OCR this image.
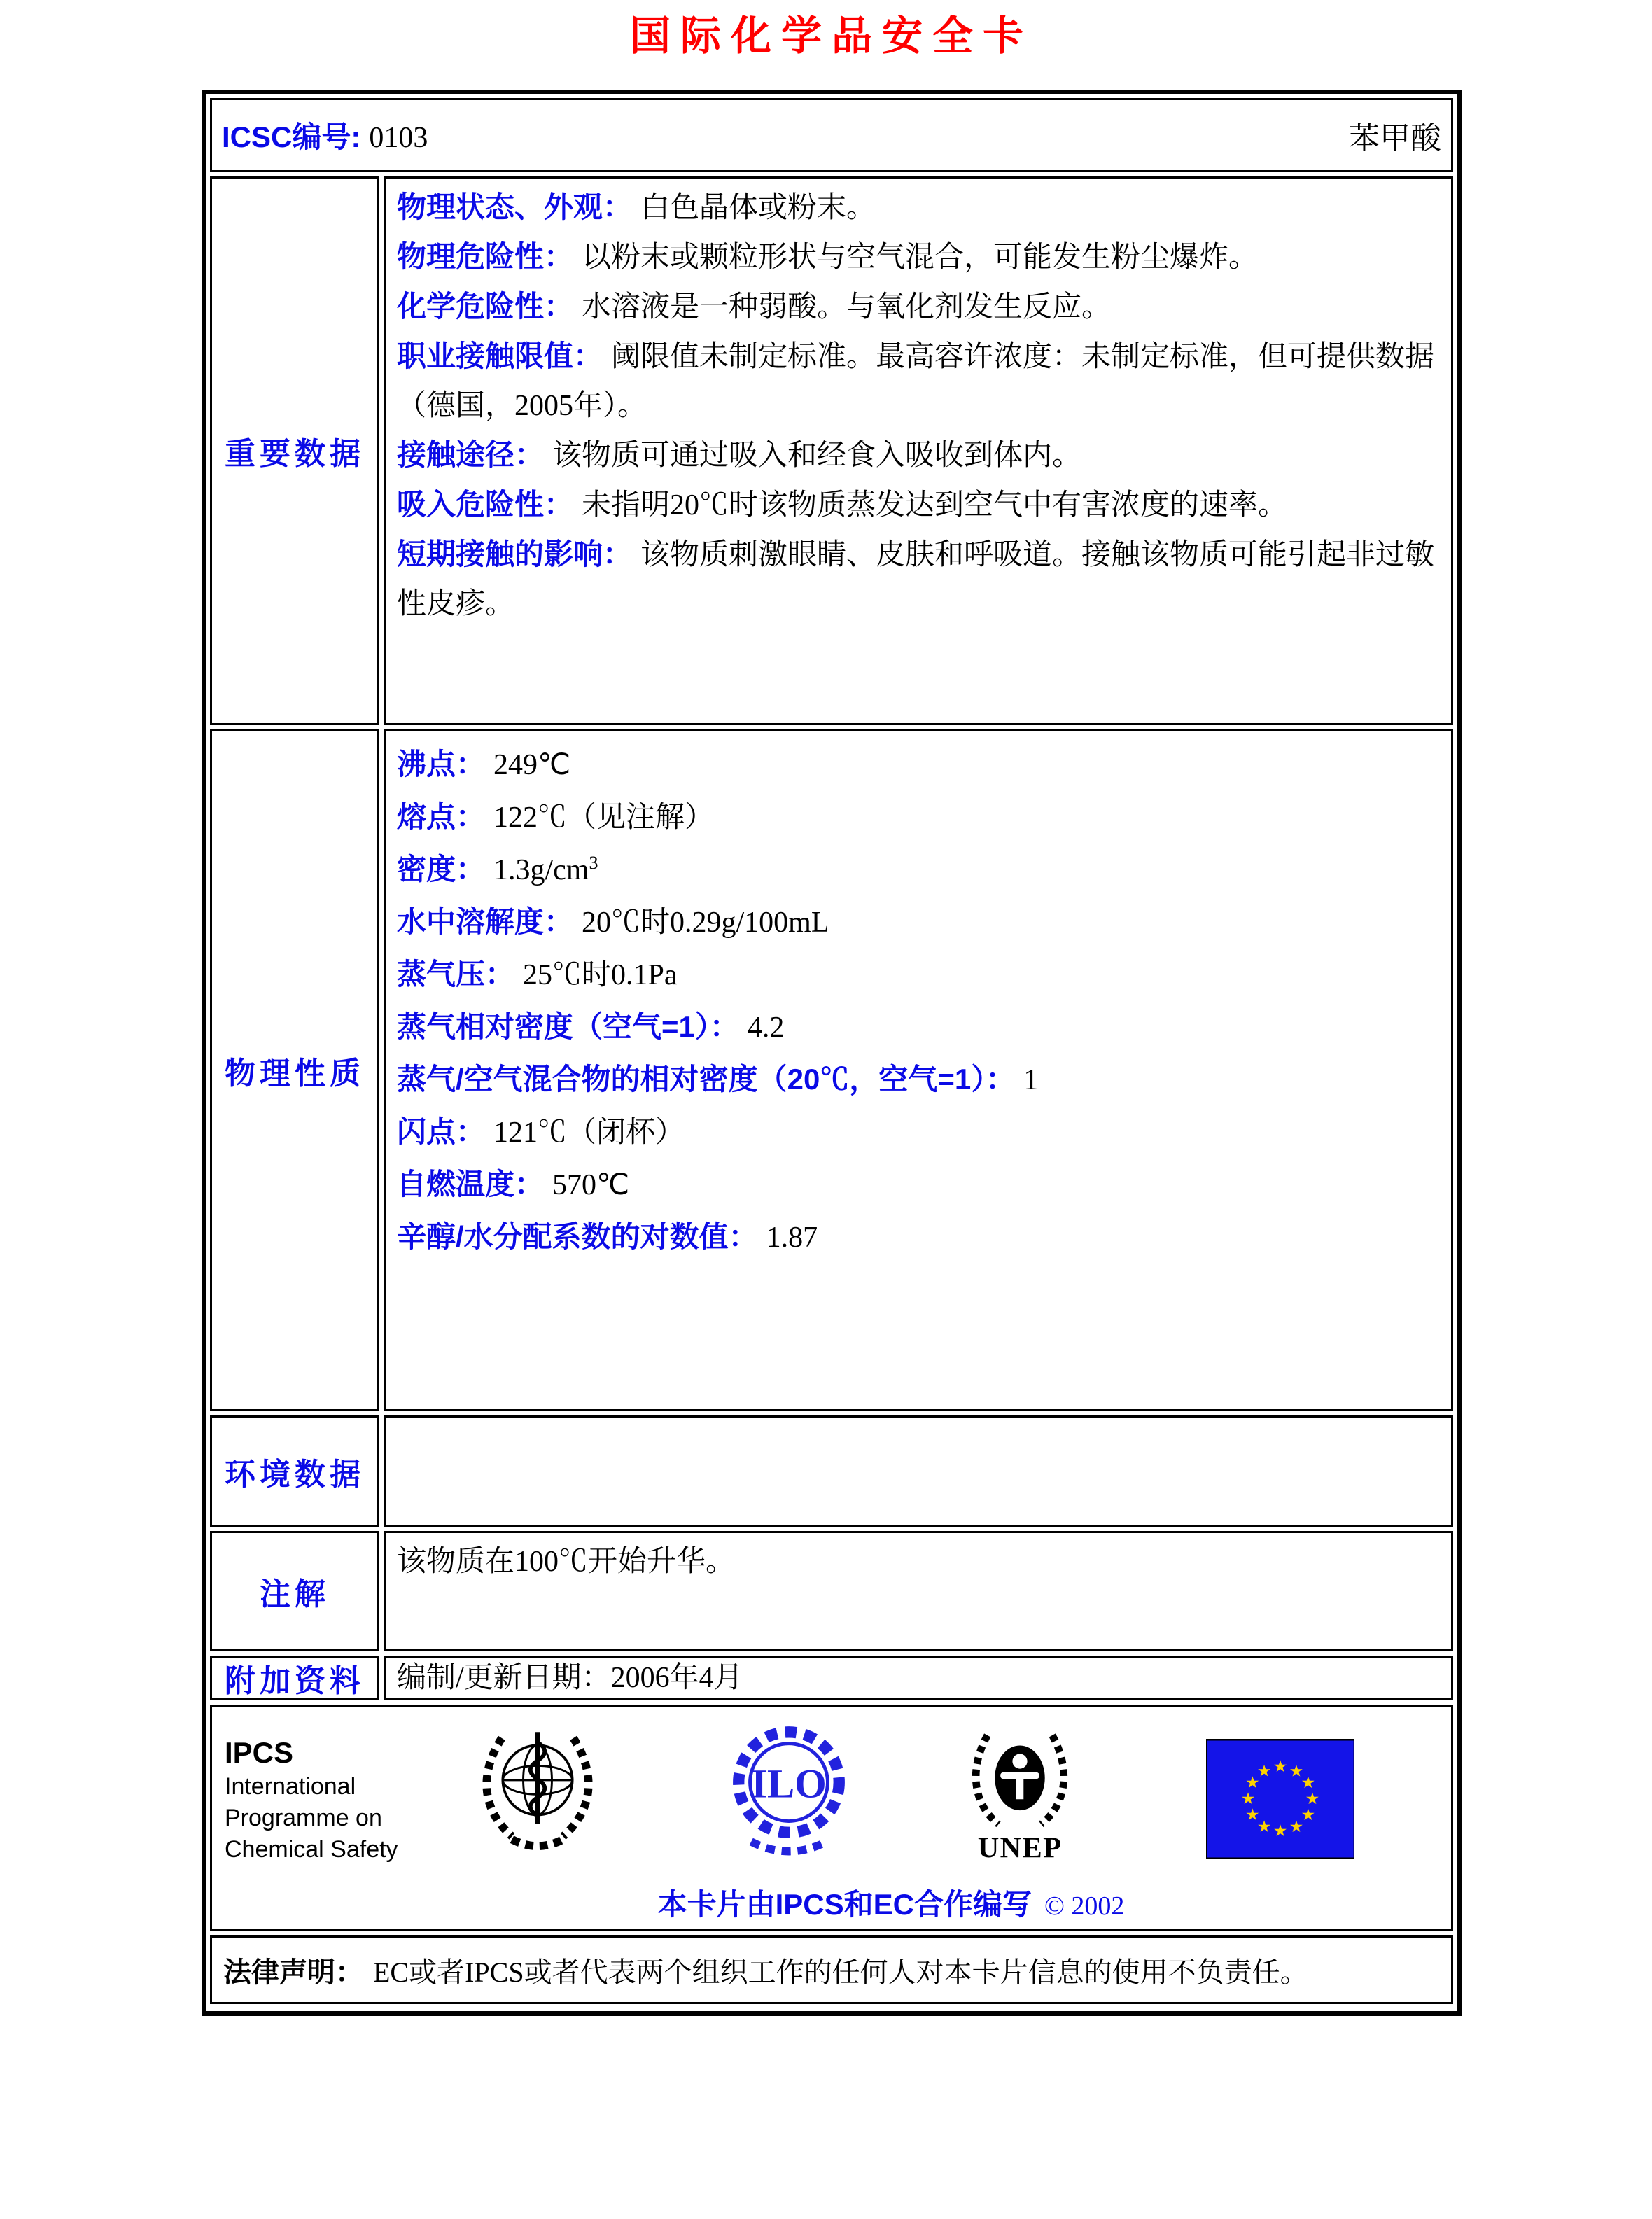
国际化学品安全卡
ICSC编号: 0103	苯甲酸
重要数据

物理状态、外观： 白色晶体或粉末。

物理危险性： 以粉末或颗粒形状与空气混合，可能发生粉尘爆炸。

化学危险性： 水溶液是一种弱酸。与氧化剂发生反应。

职业接触限值： 阈限值未制定标准。最高容许浓度：未制定标准，但可提供数据（德国，2005年）。

接触途径： 该物质可通过吸入和经食入吸收到体内。

吸入危险性： 未指明20℃时该物质蒸发达到空气中有害浓度的速率。

短期接触的影响： 该物质刺激眼睛、皮肤和呼吸道。接触该物质可能引起非过敏性皮疹。

物理性质

沸点： 249℃

熔点： 122℃（见注解）

密度： $1.3g/cm^3$

水中溶解度： 20℃时0.29g/100mL

蒸气压： 25℃时0.1Pa

蒸气相对密度（空气=1）： 4.2

蒸气/空气混合物的相对密度（20℃，空气=1）： 1

闪点： 121℃（闭杯）

自燃温度： 570℃

辛醇/水分配系数的对数值： 1.87

环境数据
注解
该物质在100℃开始升华。
附加资料 编制/更新日期： 2006年4月
IPCS
International
Programme on
Chemical Safety
ILO
UNEP
★ ★
★
★
★
★
★
★
★
★
★
★
本卡片由IPCS和EC合作编写 © 2002
法律声明： EC或者IPCS或者代表两个组织工作的任何人对本卡片信息的使用不负责任。
